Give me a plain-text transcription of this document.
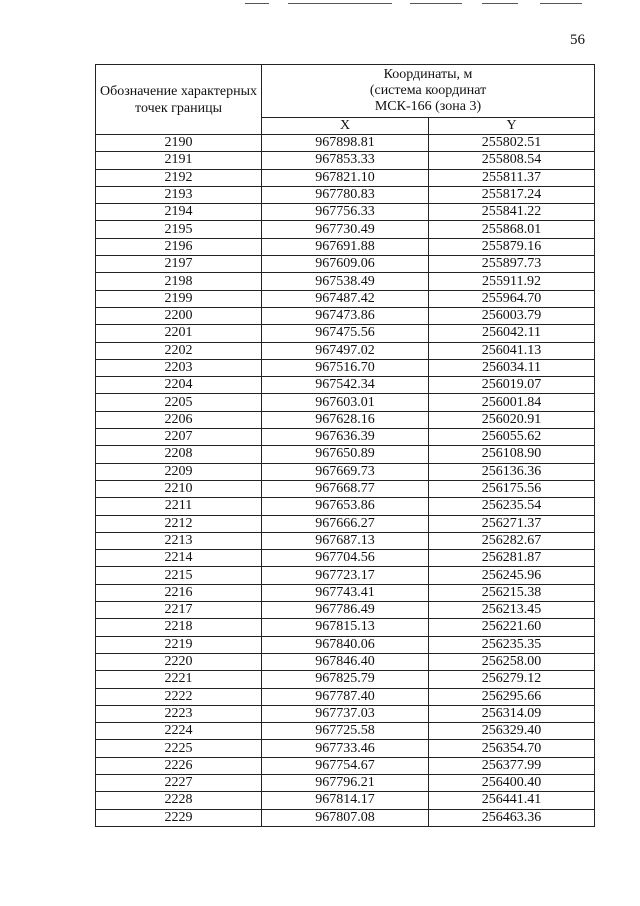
56
Обозначение характерных точек границы	Координаты, м
(система координат
МСК-166 (зона 3)	

	X	Y
2190	967898.81	255802.51
2191	967853.33	255808.54
2192	967821.10	255811.37
2193	967780.83	255817.24
2194	967756.33	255841.22
2195	967730.49	255868.01
2196	967691.88	255879.16
2197	967609.06	255897.73
2198	967538.49	255911.92
2199	967487.42	255964.70
2200	967473.86	256003.79
2201	967475.56	256042.11
2202	967497.02	256041.13
2203	967516.70	256034.11
2204	967542.34	256019.07
2205	967603.01	256001.84
2206	967628.16	256020.91
2207	967636.39	256055.62
2208	967650.89	256108.90
2209	967669.73	256136.36
2210	967668.77	256175.56
2211	967653.86	256235.54
2212	967666.27	256271.37
2213	967687.13	256282.67
2214	967704.56	256281.87
2215	967723.17	256245.96
2216	967743.41	256215.38
2217	967786.49	256213.45
2218	967815.13	256221.60
2219	967840.06	256235.35
2220	967846.40	256258.00
2221	967825.79	256279.12
2222	967787.40	256295.66
2223	967737.03	256314.09
2224	967725.58	256329.40
2225	967733.46	256354.70
2226	967754.67	256377.99
2227	967796.21	256400.40
2228	967814.17	256441.41
2229	967807.08	256463.36
